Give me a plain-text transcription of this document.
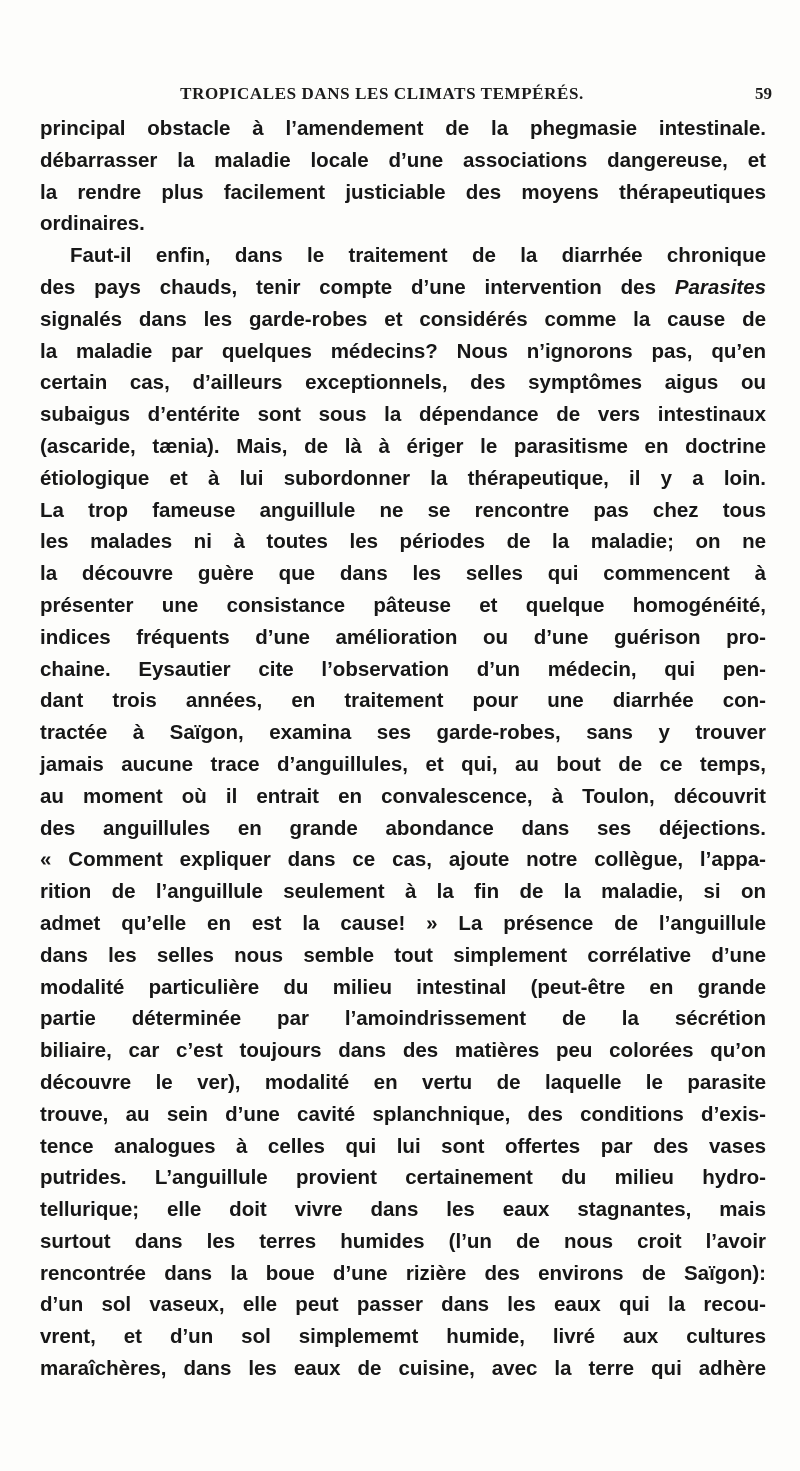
TROPICALES DANS LES CLIMATS TEMPÉRÉS.	59
principal obstacle à l’amendement de la phegmasie intestinale.
débarrasser la maladie locale d’une associations dangereuse, et
la rendre plus facilement justiciable des moyens thérapeutiques
ordinaires.
Faut-il enfin, dans le traitement de la diarrhée chronique
des pays chauds, tenir compte d’une intervention des Parasites
signalés dans les garde-robes et considérés comme la cause de
la maladie par quelques médecins? Nous n’ignorons pas, qu’en
certain cas, d’ailleurs exceptionnels, des symptômes aigus ou
subaigus d’entérite sont sous la dépendance de vers intestinaux
(ascaride, tænia). Mais, de là à ériger le parasitisme en doctrine
étiologique et à lui subordonner la thérapeutique, il y a loin.
La trop fameuse anguillule ne se rencontre pas chez tous
les malades ni à toutes les périodes de la maladie; on ne
la découvre guère que dans les selles qui commencent à
présenter une consistance pâteuse et quelque homogénéité,
indices fréquents d’une amélioration ou d’une guérison pro-
chaine. Eysautier cite l’observation d’un médecin, qui pen-
dant trois années, en traitement pour une diarrhée con-
tractée à Saïgon, examina ses garde-robes, sans y trouver
jamais aucune trace d’anguillules, et qui, au bout de ce temps,
au moment où il entrait en convalescence, à Toulon, découvrit
des anguillules en grande abondance dans ses déjections.
« Comment expliquer dans ce cas, ajoute notre collègue, l’appa-
rition de l’anguillule seulement à la fin de la maladie, si on
admet qu’elle en est la cause! » La présence de l’anguillule
dans les selles nous semble tout simplement corrélative d’une
modalité particulière du milieu intestinal (peut-être en grande
partie déterminée par l’amoindrissement de la sécrétion
biliaire, car c’est toujours dans des matières peu colorées qu’on
découvre le ver), modalité en vertu de laquelle le parasite
trouve, au sein d’une cavité splanchnique, des conditions d’exis-
tence analogues à celles qui lui sont offertes par des vases
putrides. L’anguillule provient certainement du milieu hydro-
tellurique; elle doit vivre dans les eaux stagnantes, mais
surtout dans les terres humides (l’un de nous croit l’avoir
rencontrée dans la boue d’une rizière des environs de Saïgon):
d’un sol vaseux, elle peut passer dans les eaux qui la recou-
vrent, et d’un sol simplememt humide, livré aux cultures
maraîchères, dans les eaux de cuisine, avec la terre qui adhère
